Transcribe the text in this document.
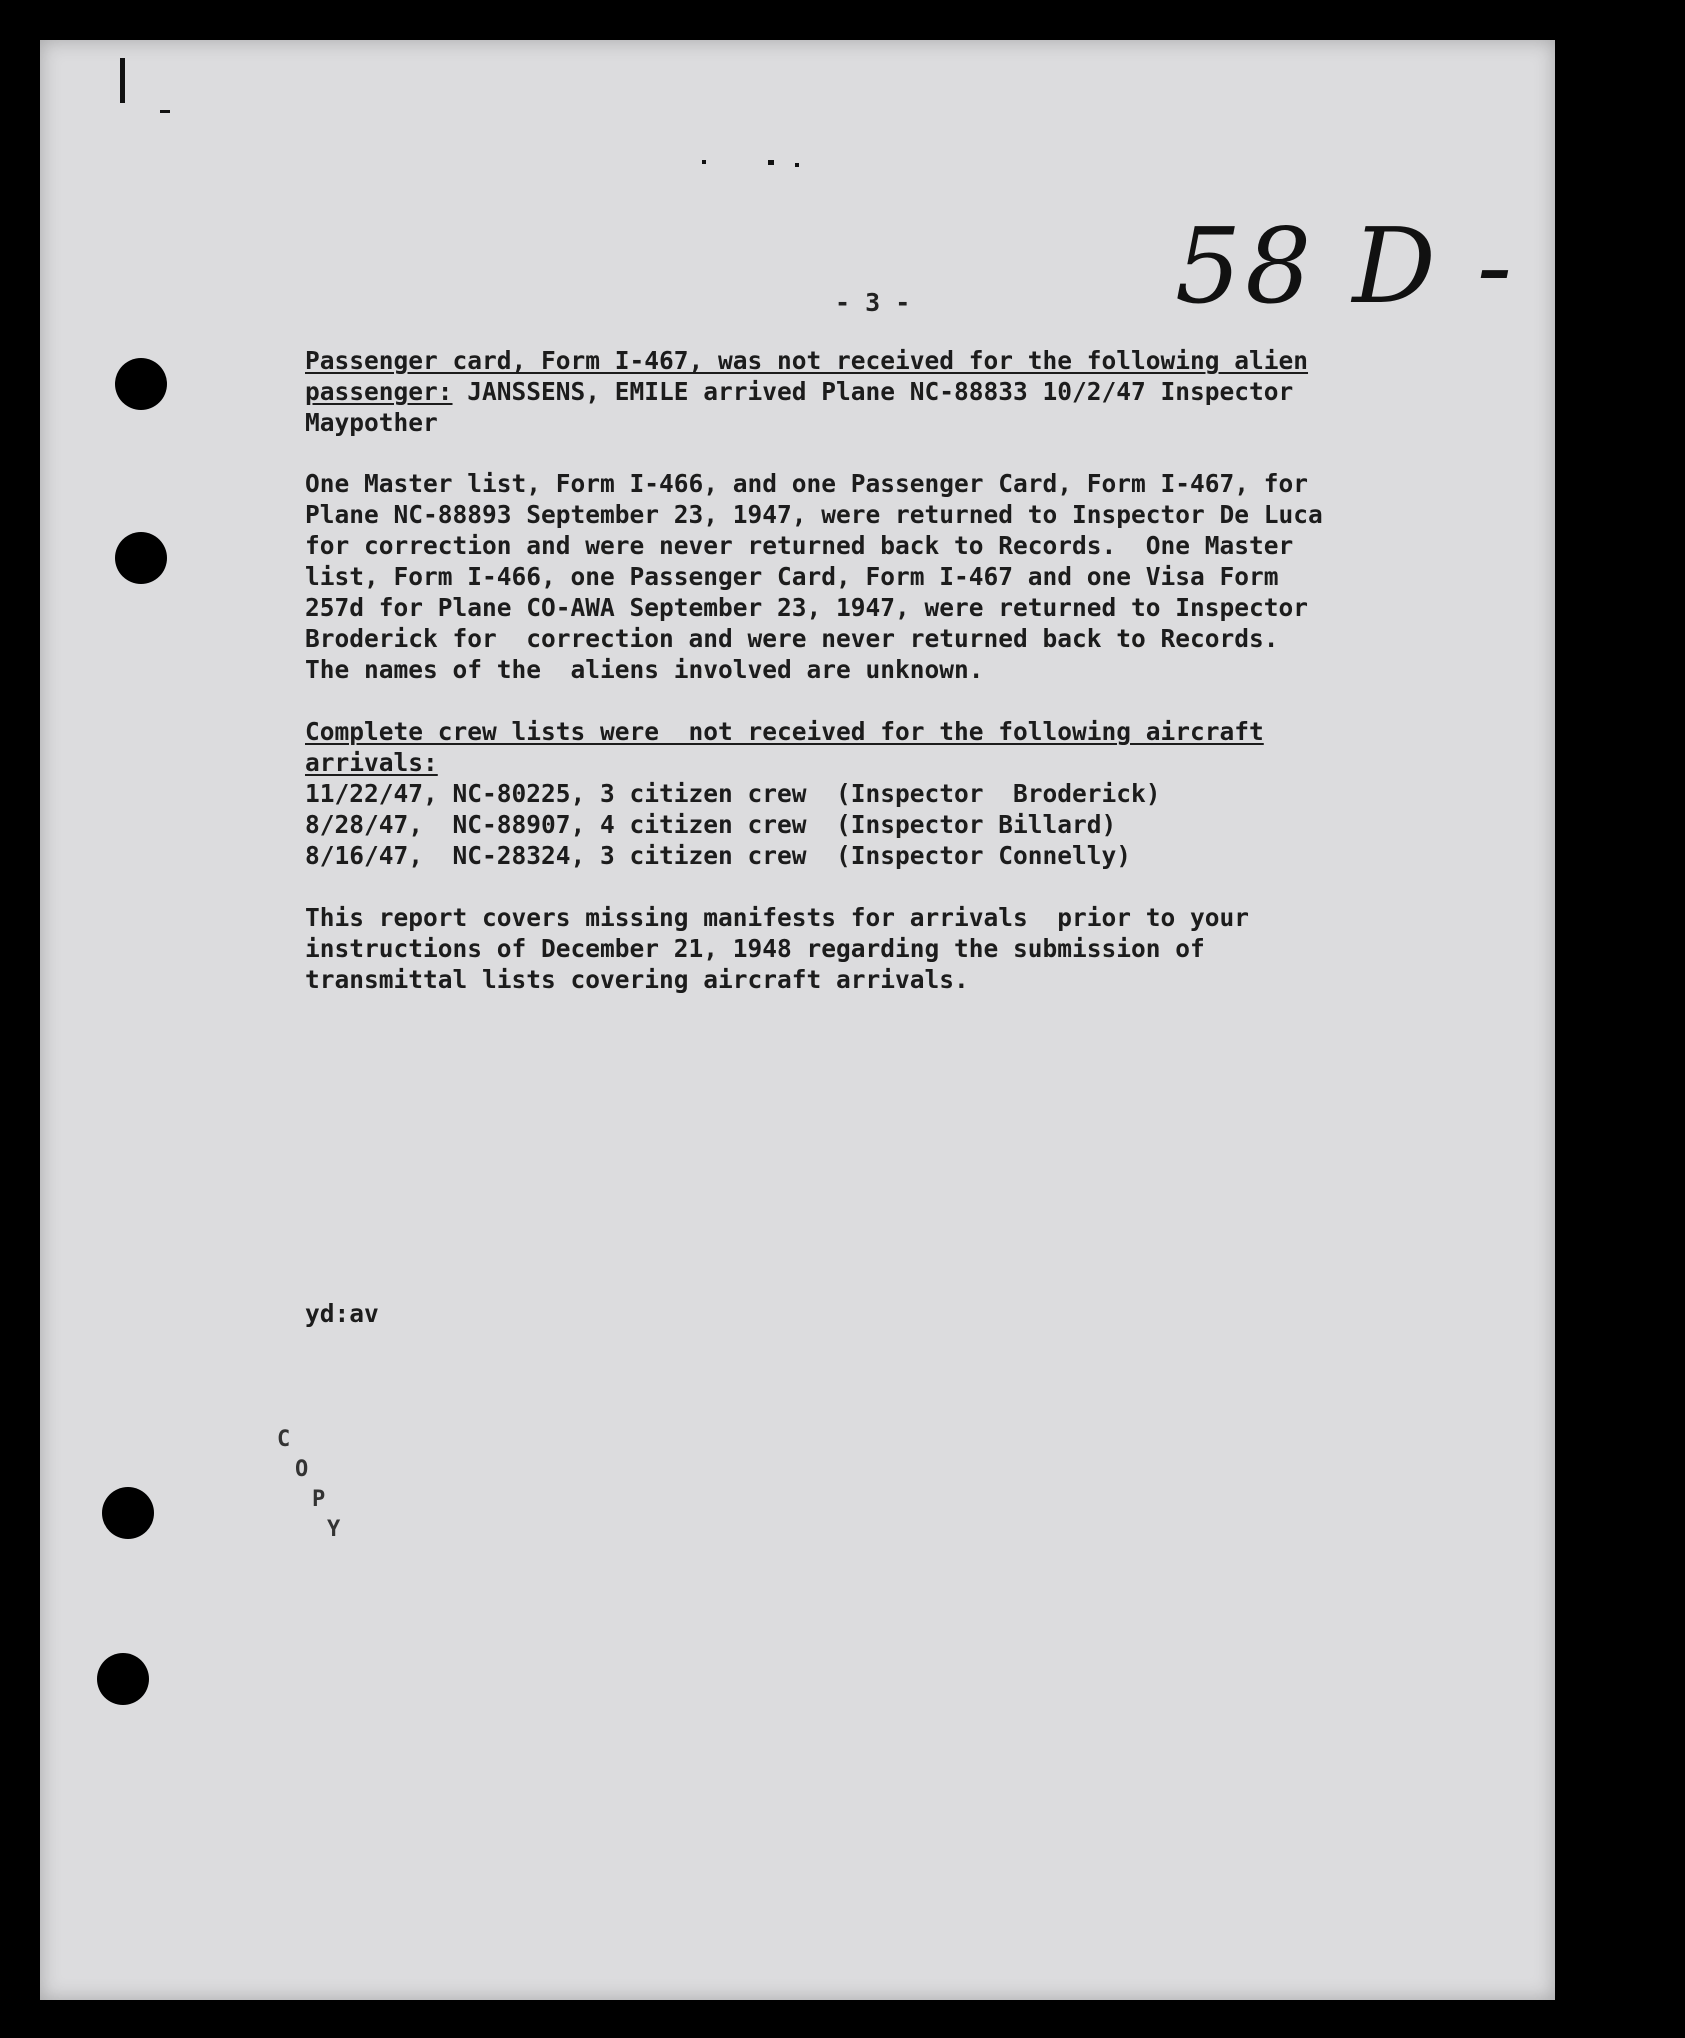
58 D -
- 3 -
Passenger card, Form I-467, was not received for the following alien
passenger: JANSSENS, EMILE arrived Plane NC-88833 10/2/47 Inspector
Maypother
One Master list, Form I-466, and one Passenger Card, Form I-467, for
Plane NC-88893 September 23, 1947, were returned to Inspector De Luca
for correction and were never returned back to Records.  One Master
list, Form I-466, one Passenger Card, Form I-467 and one Visa Form
257d for Plane CO-AWA September 23, 1947, were returned to Inspector
Broderick for  correction and were never returned back to Records.
The names of the  aliens involved are unknown.
Complete crew lists were  not received for the following aircraft
arrivals:
11/22/47, NC-80225, 3 citizen crew  (Inspector  Broderick)
8/28/47,  NC-88907, 4 citizen crew  (Inspector Billard)
8/16/47,  NC-28324, 3 citizen crew  (Inspector Connelly)
This report covers missing manifests for arrivals  prior to your
instructions of December 21, 1948 regarding the submission of
transmittal lists covering aircraft arrivals.
yd:av
C
O
P
Y
